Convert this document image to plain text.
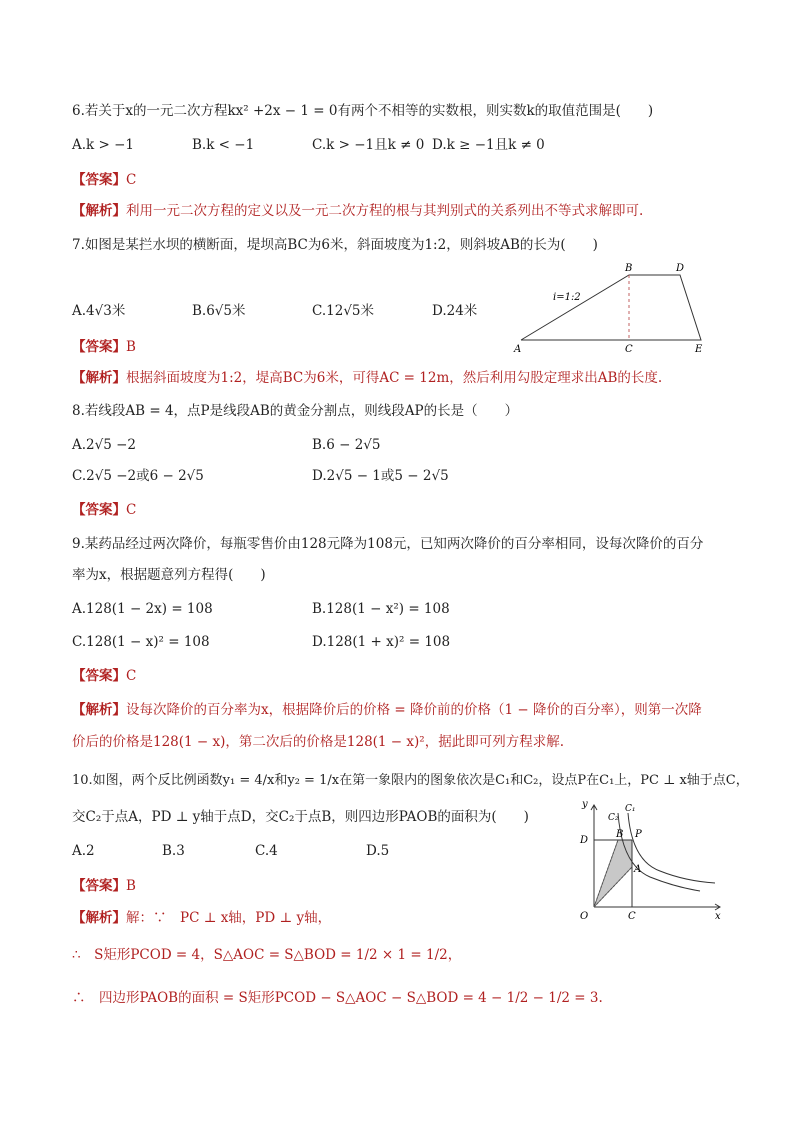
6.若关于x的一元二次方程kx² +2x − 1 = 0有两个不相等的实数根，则实数k的取值范围是(　　)
A.k > −1	B.k < −1	C.k > −1且k ≠ 0 D.k ≥ −1且k ≠ 0
【答案】C
【解析】利用一元二次方程的定义以及一元二次方程的根与其判别式的关系列出不等式求解即可.
7.如图是某拦水坝的横断面，堤坝高BC为6米，斜面坡度为1:2，则斜坡AB的长为(　　)
A.4√3米	B.6√5米	C.12√5米	D.24米
i=1:2
A
B
C
D
E
【答案】B
【解析】根据斜面坡度为1:2，堤高BC为6米，可得AC = 12m，然后利用勾股定理求出AB的长度.
8.若线段AB = 4，点P是线段AB的黄金分割点，则线段AP的长是（　　）
A.2√5 −2	B.6 − 2√5
C.2√5 −2或6 − 2√5	D.2√5 − 1或5 − 2√5
【答案】C
9.某药品经过两次降价，每瓶零售价由128元降为108元，已知两次降价的百分率相同，设每次降价的百分
率为x，根据题意列方程得(　　)
A.128(1 − 2x) = 108	B.128(1 − x²) = 108
C.128(1 − x)² = 108	D.128(1 + x)² = 108
【答案】C
【解析】设每次降价的百分率为x，根据降价后的价格 = 降价前的价格（1 − 降价的百分率），则第一次降
价后的价格是128(1 − x)，第二次后的价格是128(1 − x)²，据此即可列方程求解.
10.如图，两个反比例函数y₁ = 4/x和y₂ = 1/x在第一象限内的图象依次是C₁和C₂，设点P在C₁上，PC ⊥ x轴于点C，
交C₂于点A，PD ⊥ y轴于点D，交C₂于点B，则四边形PAOB的面积为(　　)
A.2	B.3	C.4	D.5
y
x
O	C
D
B P
A
C₂
C₁
【答案】B
【解析】解：∵　PC ⊥ x轴，PD ⊥ y轴，
∴　S矩形PCOD = 4，S△AOC = S△BOD = 1/2 × 1 = 1/2，
∴　四边形PAOB的面积 = S矩形PCOD − S△AOC − S△BOD = 4 − 1/2 − 1/2 = 3.
